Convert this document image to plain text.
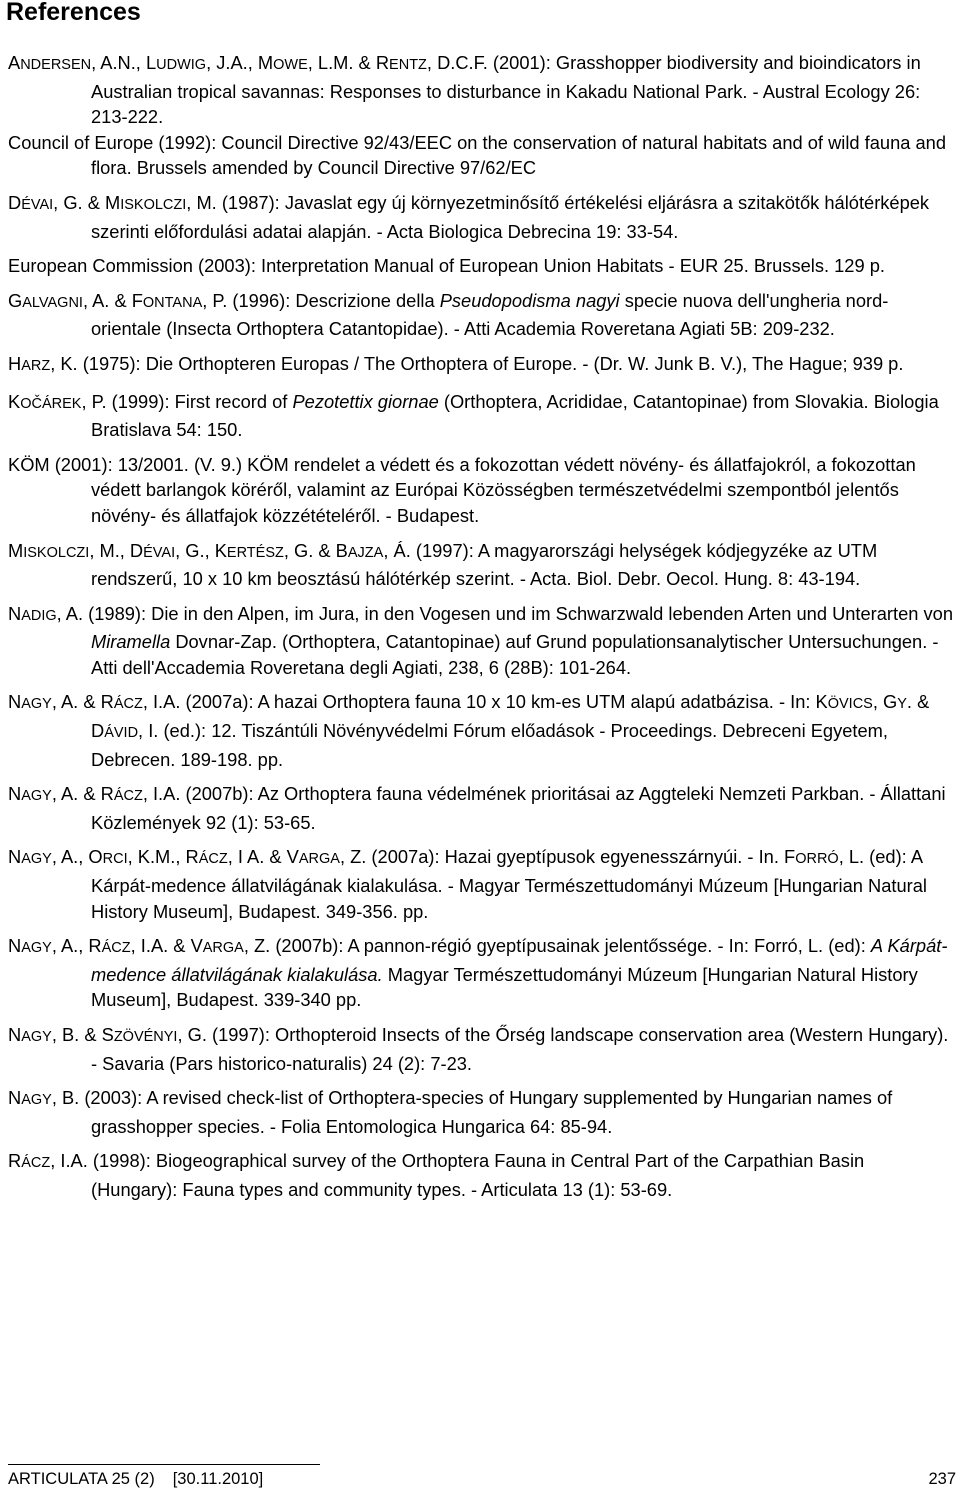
References

ANDERSEN, A.N., LUDWIG, J.A., MOWE, L.M. & RENTZ, D.C.F. (2001): Grasshopper biodiversity and bioindicators in Australian tropical savannas: Responses to disturbance in Kakadu National Park. - Austral Ecology 26: 213-222.

Council of Europe (1992): Council Directive 92/43/EEC on the conservation of natural habitats and of wild fauna and flora. Brussels amended by Council Directive 97/62/EC

DÉVAI, G. & MISKOLCZI, M. (1987): Javaslat egy új környezetminősítő értékelési eljárásra a szitakötők hálótérképek szerinti előfordulási adatai alapján. - Acta Biologica Debrecina 19: 33-54.

European Commission (2003): Interpretation Manual of European Union Habitats - EUR 25. Brussels. 129 p.

GALVAGNI, A. & FONTANA, P. (1996): Descrizione della Pseudopodisma nagyi specie nuova dell'ungheria nord-orientale (Insecta Orthoptera Catantopidae). - Atti Academia Roveretana Agiati 5B: 209-232.

HARZ, K. (1975): Die Orthopteren Europas / The Orthoptera of Europe. - (Dr. W. Junk B. V.), The Hague; 939 p.

KOČÁREK, P. (1999): First record of Pezotettix giornae (Orthoptera, Acrididae, Catantopinae) from Slovakia. Biologia Bratislava 54: 150.

KÖM (2001): 13/2001. (V. 9.) KÖM rendelet a védett és a fokozottan védett növény- és állatfajokról, a fokozottan védett barlangok köréről, valamint az Európai Közösségben természetvédelmi szempontból jelentős növény- és állatfajok közzétételéről. - Budapest.

MISKOLCZI, M., DÉVAI, G., KERTÉSZ, G. & BAJZA, Á. (1997): A magyarországi helységek kódjegyzéke az UTM rendszerű, 10 x 10 km beosztású hálótérkép szerint. - Acta. Biol. Debr. Oecol. Hung. 8: 43-194.

NADIG, A. (1989): Die in den Alpen, im Jura, in den Vogesen und im Schwarzwald lebenden Arten und Unterarten von Miramella Dovnar-Zap. (Orthoptera, Catantopinae) auf Grund populationsanalytischer Untersuchungen. - Atti dell'Accademia Roveretana degli Agiati, 238, 6 (28B): 101-264.

NAGY, A. & RÁCZ, I.A. (2007a): A hazai Orthoptera fauna 10 x 10 km-es UTM alapú adatbázisa. - In: KÖVICS, GY. & DÁVID, I. (ed.): 12. Tiszántúli Növényvédelmi Fórum előadások - Proceedings. Debreceni Egyetem, Debrecen. 189-198. pp.

NAGY, A. & RÁCZ, I.A. (2007b): Az Orthoptera fauna védelmének prioritásai az Aggteleki Nemzeti Parkban. - Állattani Közlemények 92 (1): 53-65.

NAGY, A., ORCI, K.M., RÁCZ, I A. & VARGA, Z. (2007a): Hazai gyeptípusok egyenesszárnyúi. - In. FORRÓ, L. (ed): A Kárpát-medence állatvilágának kialakulása. - Magyar Természettudományi Múzeum [Hungarian Natural History Museum], Budapest. 349-356. pp.

NAGY, A., RÁCZ, I.A. & VARGA, Z. (2007b): A pannon-régió gyeptípusainak jelentőssége. - In: Forró, L. (ed): A Kárpát-medence állatvilágának kialakulása. Magyar Természettudományi Múzeum [Hungarian Natural History Museum], Budapest. 339-340 pp.

NAGY, B. & SZÖVÉNYI, G. (1997): Orthopteroid Insects of the Őrség landscape conservation area (Western Hungary). - Savaria (Pars historico-naturalis) 24 (2): 7-23.

NAGY, B. (2003): A revised check-list of Orthoptera-species of Hungary supplemented by Hungarian names of grasshopper species. - Folia Entomologica Hungarica 64: 85-94.

RÁCZ, I.A. (1998): Biogeographical survey of the Orthoptera Fauna in Central Part of the Carpathian Basin (Hungary): Fauna types and community types. - Articulata 13 (1): 53-69.

ARTICULATA 25 (2) [30.11.2010]	237
